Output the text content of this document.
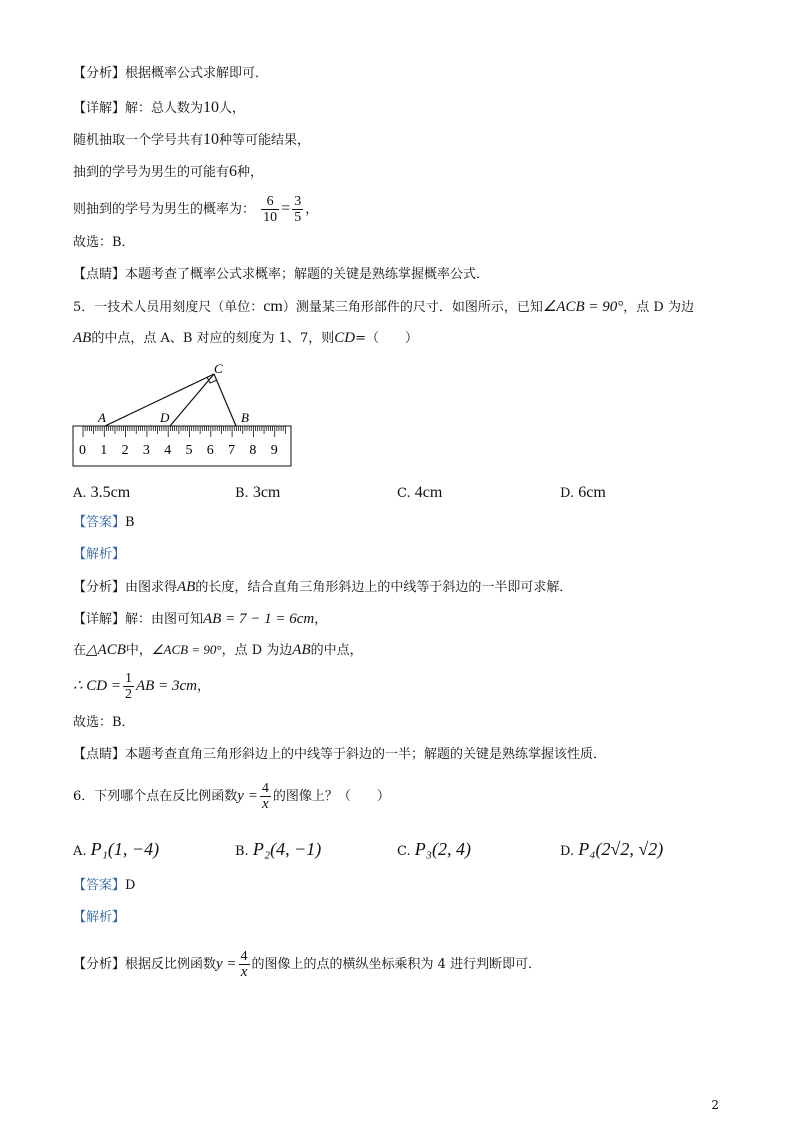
【分析】根据概率公式求解即可．
【详解】解：总人数为10人，
随机抽取一个学号共有10种等可能结果，
抽到的学号为男生的可能有6种，
则抽到的学号为男生的概率为： $\frac{6}{10} = \frac{3}{5}$ ，
故选：B．
【点睛】本题考查了概率公式求概率；解题的关键是熟练掌握概率公式．
5．一技术人员用刻度尺（单位：cm）测量某三角形部件的尺寸．如图所示，已知∠ACB = 90°，点 D 为边
AB的中点，点 A、B 对应的刻度为 1、7，则CD=（　　）
C
A	D	B
0 1 2 3 4 5 6 7 8 9
A. 3.5cm	B. 3cm	C. 4cm	D. 6cm
【答案】B
【解析】
【分析】由图求得AB的长度，结合直角三角形斜边上的中线等于斜边的一半即可求解．
【详解】解：由图可知AB = 7 − 1 = 6cm，
在△ACB中，∠ACB = 90°，点 D 为边AB的中点，
∴ CD = $\frac{1}{2}$ AB = 3cm，
故选：B．
【点睛】本题考查直角三角形斜边上的中线等于斜边的一半；解题的关键是熟练掌握该性质．
6．下列哪个点在反比例函数$y = \frac{4}{x}$ 的图像上？（　　）
A. P₁(1, −4)	B. P₂(4, −1)	C. P₃(2, 4)	D. P₄(2√2, √2)
【答案】D
【解析】
【分析】根据反比例函数$y = \frac{4}{x}$ 的图像上的点的横纵坐标乘积为 4 进行判断即可．
2
